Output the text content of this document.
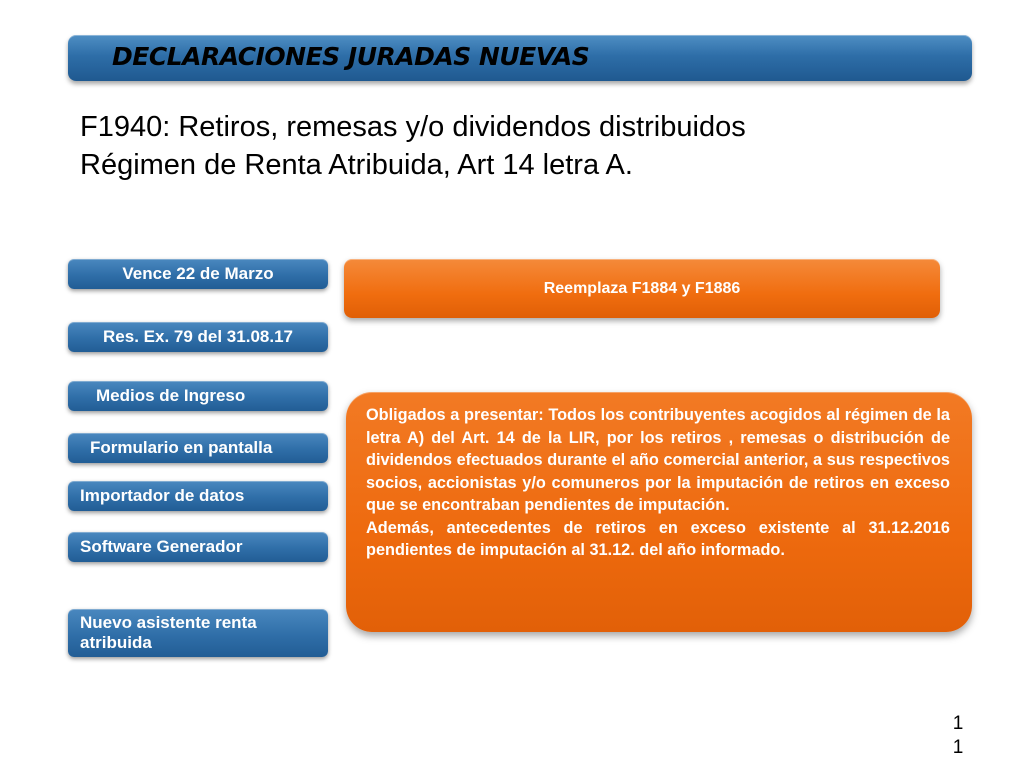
DECLARACIONES JURADAS NUEVAS
F1940: Retiros, remesas y/o dividendos distribuidos
Régimen de Renta Atribuida, Art 14 letra A.
Vence 22 de Marzo
Res. Ex. 79 del 31.08.17
Medios de Ingreso
Formulario en pantalla
Importador de datos
Software Generador
Nuevo asistente renta
atribuida
Reemplaza F1884 y F1886

Obligados a presentar: Todos los contribuyentes acogidos al régimen de la letra A) del Art. 14 de la LIR, por los retiros , remesas o distribución de dividendos efectuados durante el año comercial anterior, a sus respectivos socios, accionistas y/o comuneros por la imputación de retiros en exceso que se encontraban pendientes de imputación.

Además, antecedentes de retiros en exceso existente al 31.12.2016 pendientes de imputación al 31.12. del año informado.

1
1
